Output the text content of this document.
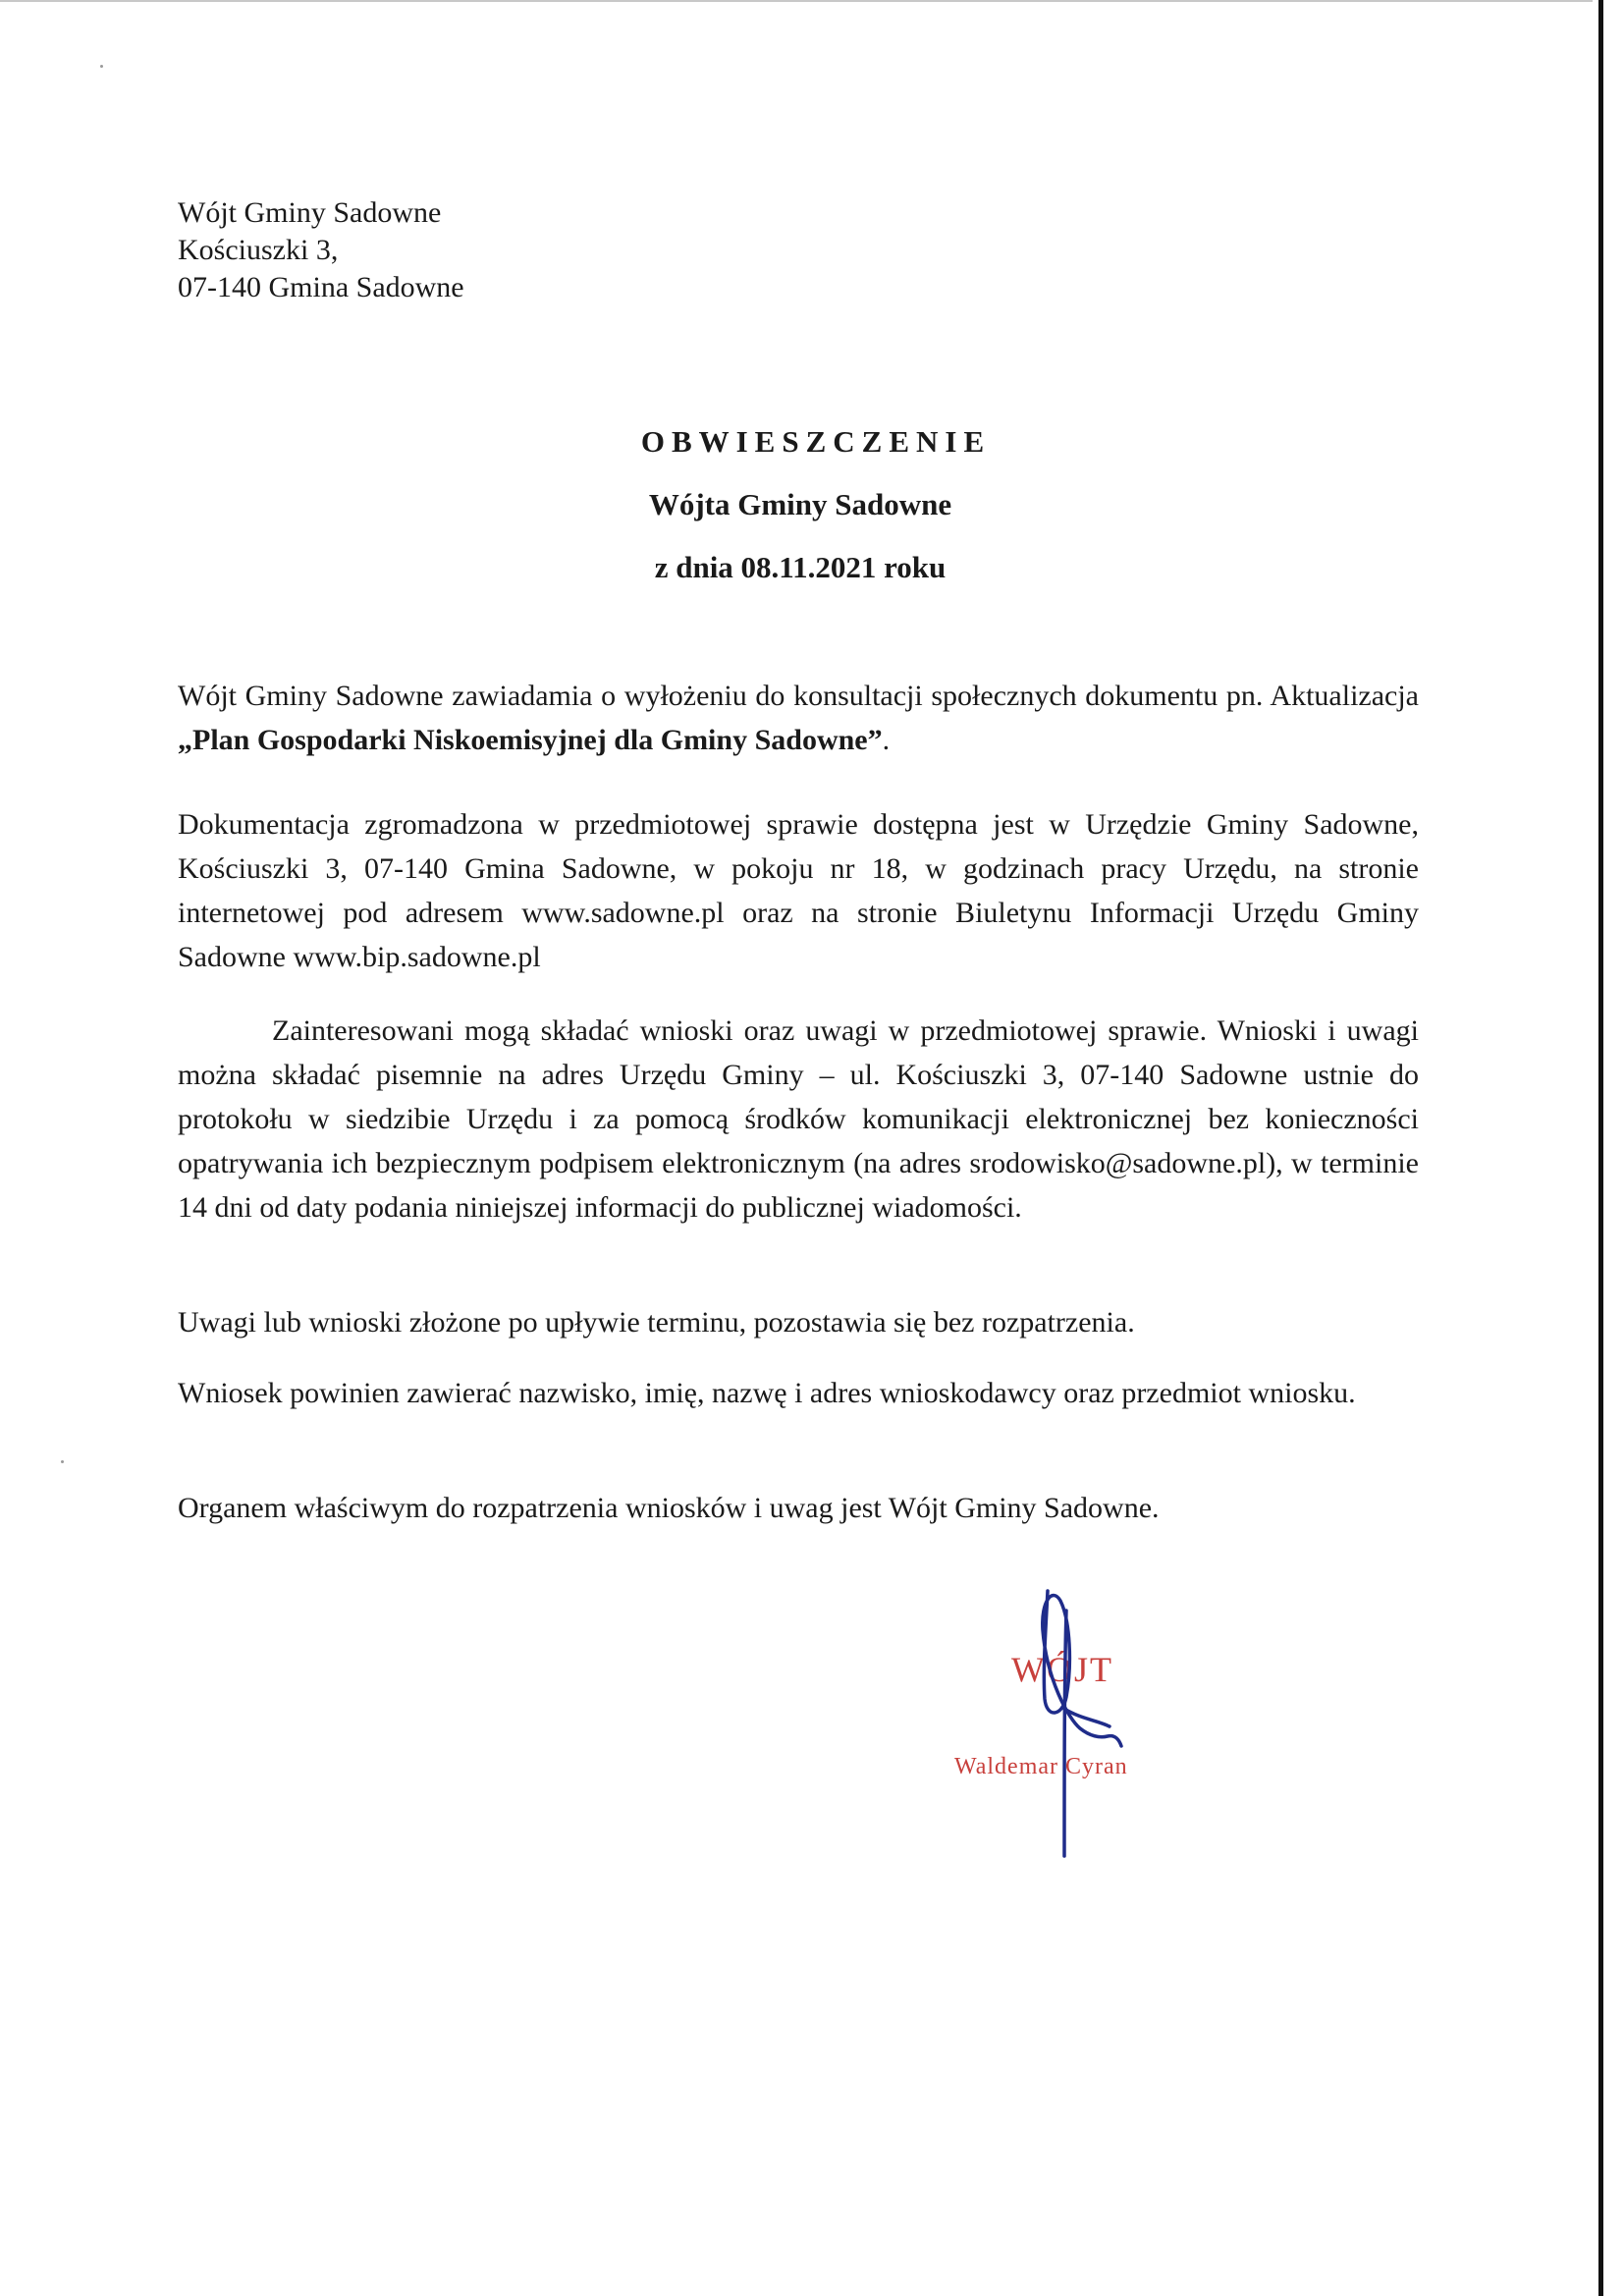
Wójt Gminy Sadowne
Kościuszki 3,
07-140 Gmina Sadowne
OBWIESZCZENIE
Wójta Gminy Sadowne
z dnia 08.11.2021 roku
Wójt Gminy Sadowne zawiadamia o wyłożeniu do konsultacji społecznych dokumentu pn. Aktualizacja „Plan Gospodarki Niskoemisyjnej dla Gminy Sadowne”.
Dokumentacja zgromadzona w przedmiotowej sprawie dostępna jest w Urzędzie Gminy Sadowne, Kościuszki 3, 07-140 Gmina Sadowne, w pokoju nr 18, w godzinach pracy Urzędu, na stronie internetowej pod adresem www.sadowne.pl oraz na stronie Biuletynu Informacji Urzędu Gminy Sadowne www.bip.sadowne.pl
Zainteresowani mogą składać wnioski oraz uwagi w przedmiotowej sprawie. Wnioski i uwagi można składać pisemnie na adres Urzędu Gminy – ul. Kościuszki 3, 07-140 Sadowne ustnie do protokołu w siedzibie Urzędu i za pomocą środków komunikacji elektronicznej bez konieczności opatrywania ich bezpiecznym podpisem elektronicznym (na adres srodowisko@sadowne.pl), w terminie 14 dni od daty podania niniejszej informacji do publicznej wiadomości.
Uwagi lub wnioski złożone po upływie terminu, pozostawia się bez rozpatrzenia.
Wniosek powinien zawierać nazwisko, imię, nazwę i adres wnioskodawcy oraz przedmiot wniosku.
Organem właściwym do rozpatrzenia wniosków i uwag jest Wójt Gminy Sadowne.
WÓJT
Waldemar Cyran
